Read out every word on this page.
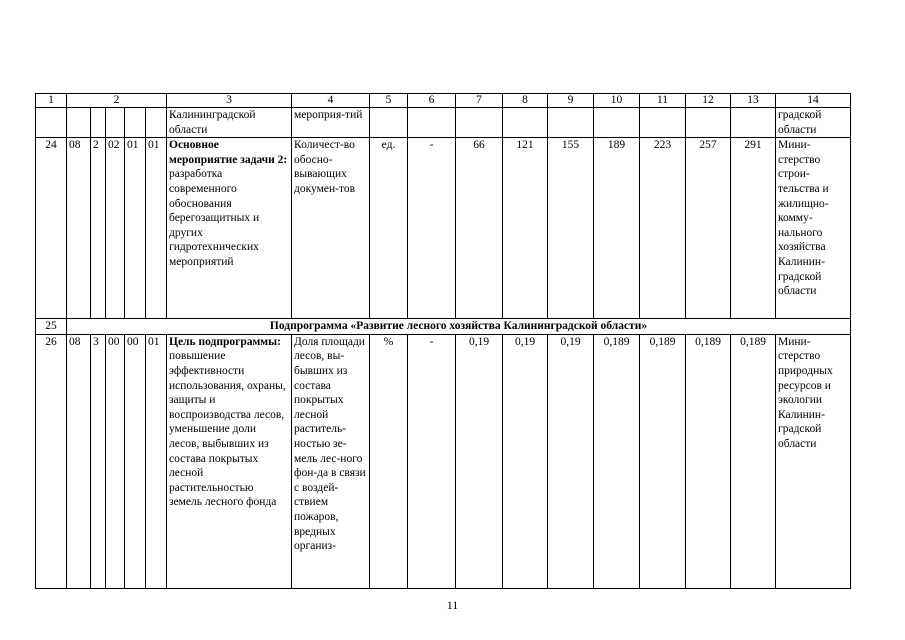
1	2					3	4	5	6	7	8	9	10	11	12	13	14
						Калининградской области	мероприя-тий										градской области
24	08	2	02	01	01	Основное мероприятие задачи 2: разработка современного обоснования берегозащитных и других гидротехнических мероприятий	Количест-во обосно-вывающих докумен-тов	ед.	-	66	121	155	189	223	257	291	Мини-стерство строи-тельства и жилищно-комму-нального хозяйства Калинин-градской области
25	Подпрограмма «Развитие лесного хозяйства Калининградской области»																
26	08	3	00	00	01	Цель подпрограммы: повышение эффективности использования, охраны, защиты и воспроизводства лесов, уменьшение доли лесов, выбывших из состава покрытых лесной растительностью земель лесного фонда	Доля площади лесов, вы-бывших из состава покрытых лесной раститель-ностью зе-мель лес-ного фон-да в связи с воздей-ствием пожаров, вредных организ-	%	-	0,19	0,19	0,19	0,189	0,189	0,189	0,189	Мини-стерство природных ресурсов и экологии Калинин-градской области
11
